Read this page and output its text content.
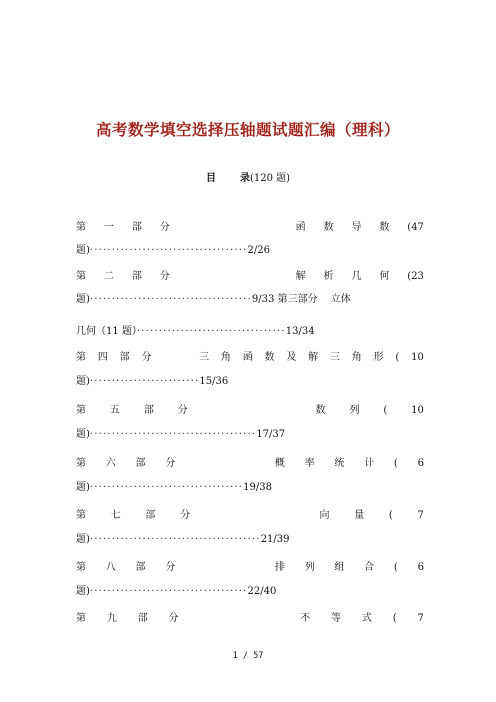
高考数学填空选择压轴题试题汇编（理科）
目 录(120 题)
第 一 部 分	函 数 导 数 (47
题)····································2/26
第 二 部 分	解 析 几 何 (23
题)·····································9/33 第三部分　 立体
几何（11 题）··································13/34
第 四 部 分	三 角 函 数 及 解 三 角 形 ( 10
题)·························15/36
第 五 部 分	数 列 ( 10
题)······································17/37
第 六 部 分	概 率 统 计 ( 6
题)···································19/38
第 七 部 分	向 量 ( 7
题)·······································21/39
第 八 部 分	排 列 组 合 ( 6
题)····································22/40
第 九 部 分	不 等 式 ( 7
1 / 57
